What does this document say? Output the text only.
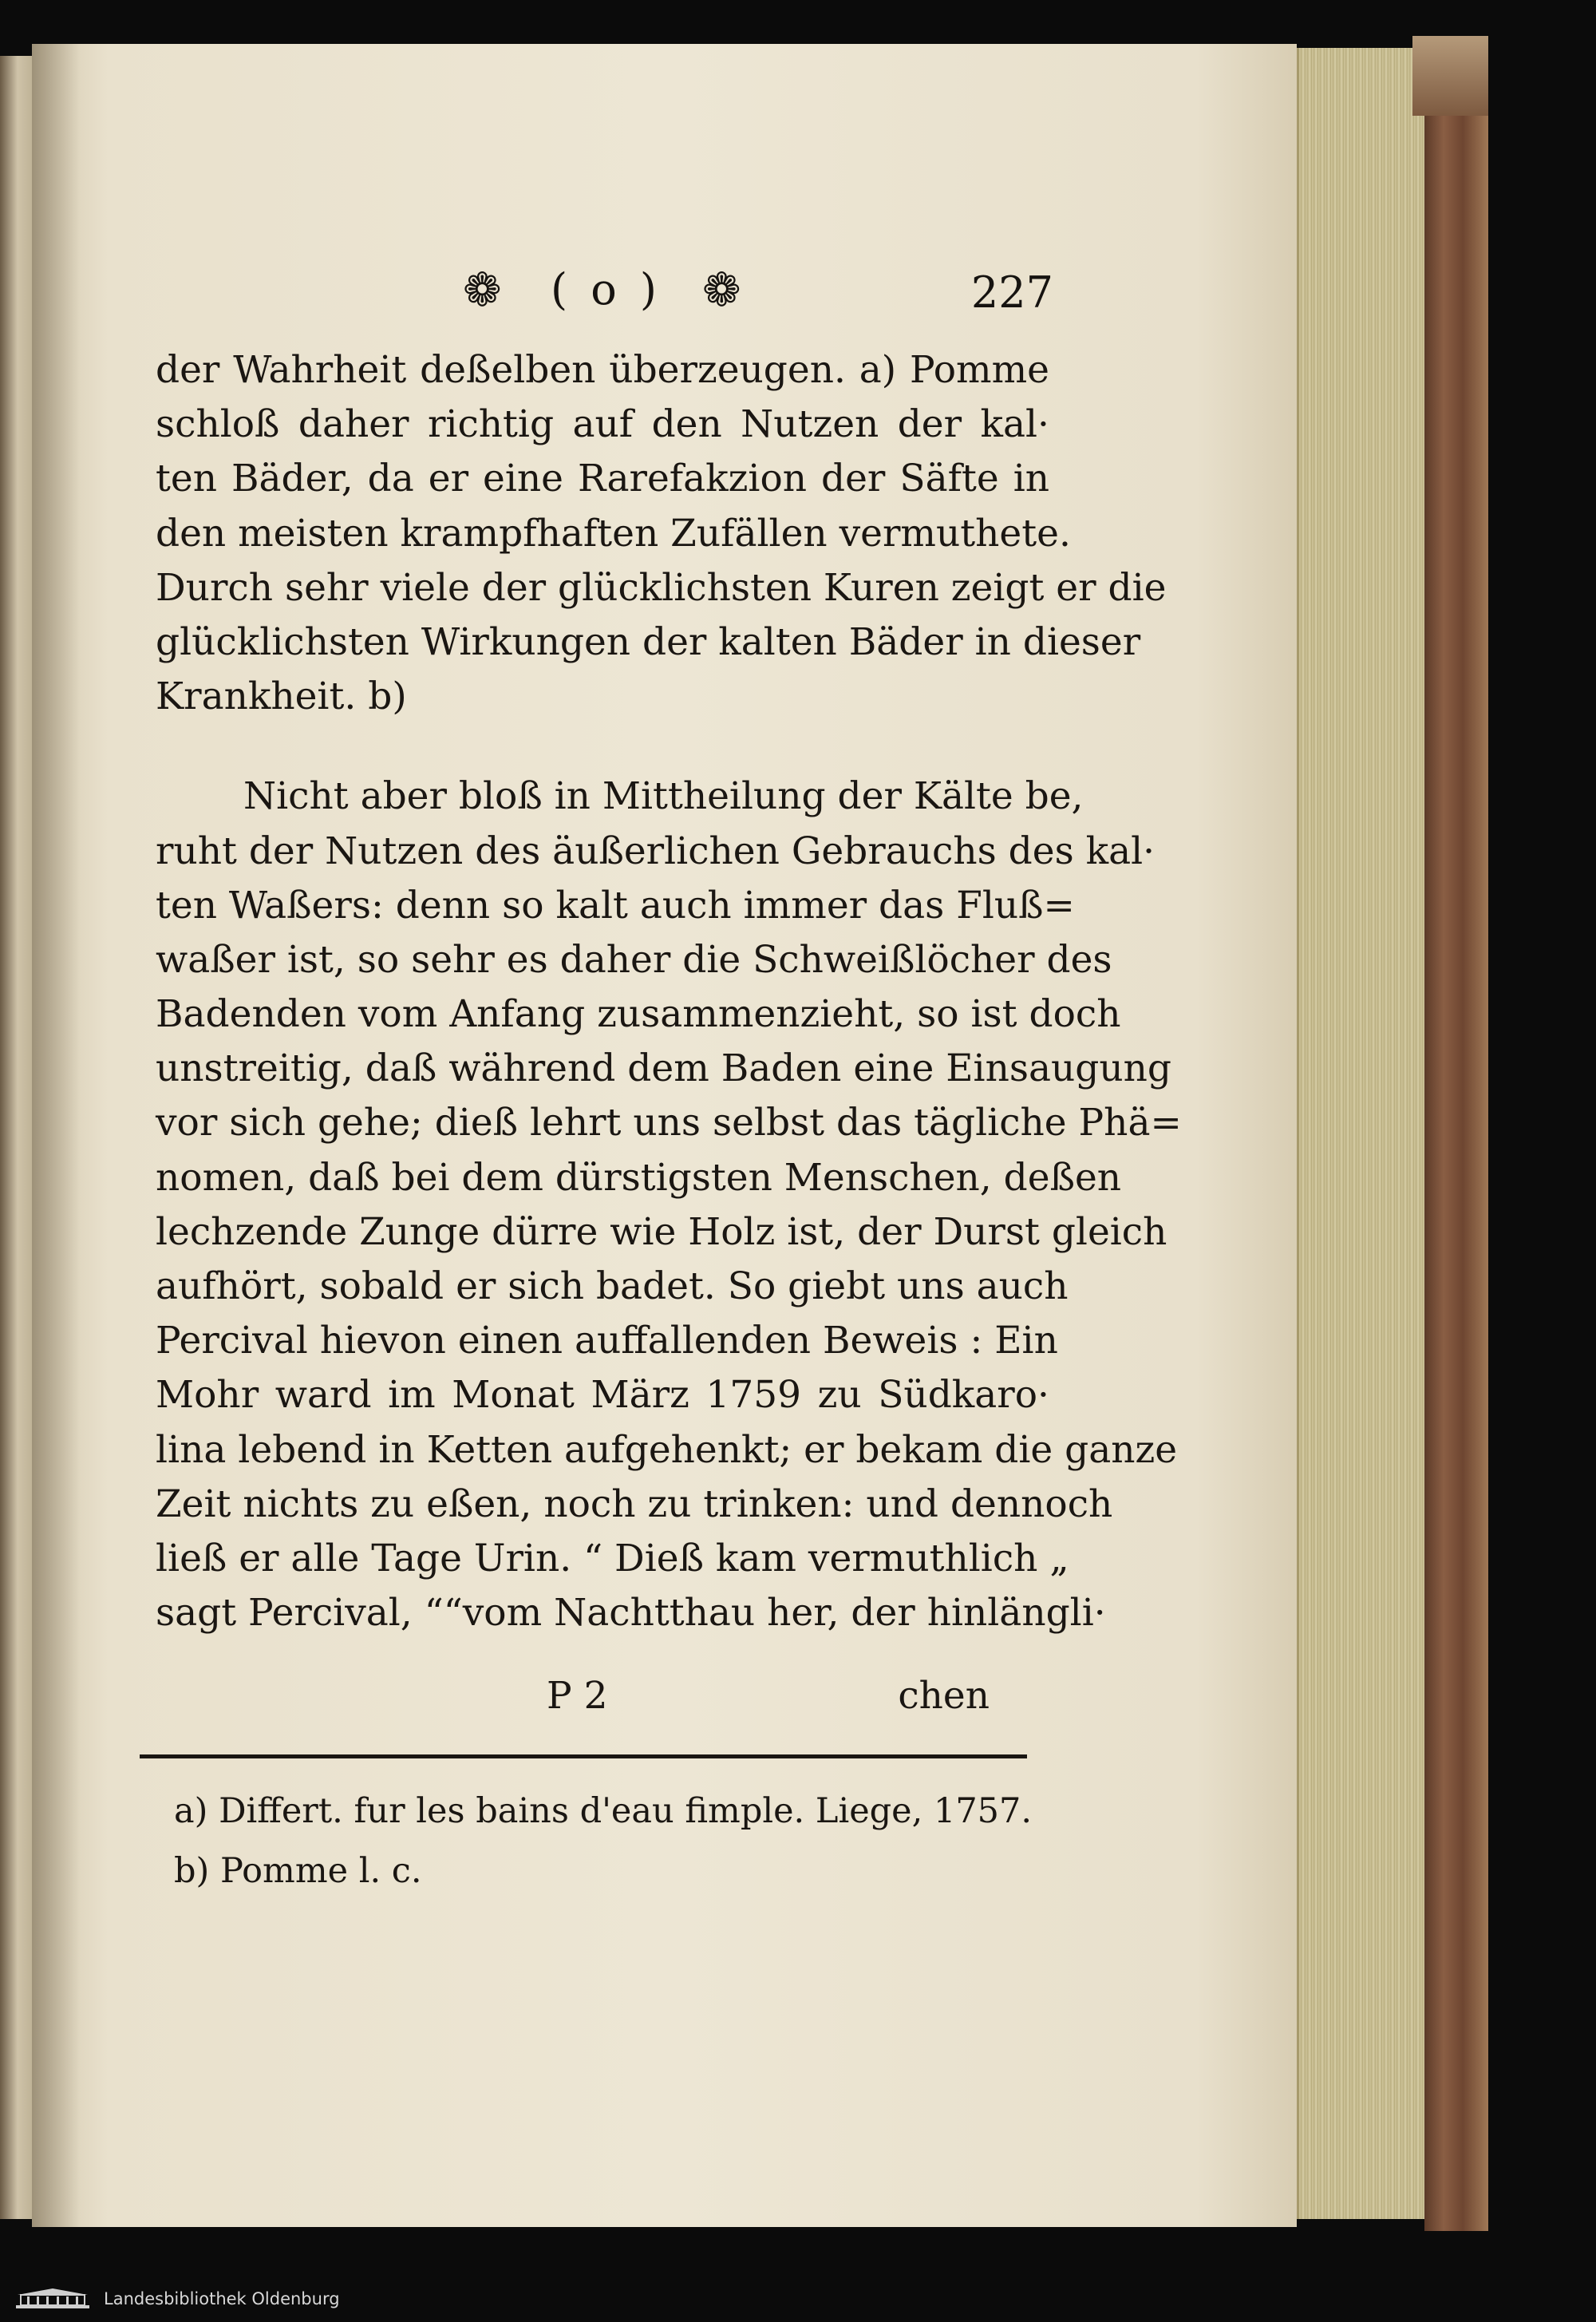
❁ ( o ) ❁	227
der Wahrheit deßelben überzeugen. a) Pomme
schloß daher richtig auf den Nutzen der kal·
ten Bäder, da er eine Rarefakzion der Säfte in
den meisten krampfhaften Zufällen vermuthete.
Durch sehr viele der glücklichsten Kuren zeigt er die
glücklichsten Wirkungen der kalten Bäder in dieser
Krankheit. b)
Nicht aber bloß in Mittheilung der Kälte be,
ruht der Nutzen des äußerlichen Gebrauchs des kal·
ten Waßers: denn so kalt auch immer das Fluß=
waßer ist, so sehr es daher die Schweißlöcher des
Badenden vom Anfang zusammenzieht, so ist doch
unstreitig, daß während dem Baden eine Einsaugung
vor sich gehe; dieß lehrt uns selbst das tägliche Phä=
nomen, daß bei dem dürstigsten Menschen, deßen
lechzende Zunge dürre wie Holz ist, der Durst gleich
aufhört, sobald er sich badet. So giebt uns auch
Percival hievon einen auffallenden Beweis : Ein
Mohr ward im Monat März 1759 zu Südkaro·
lina lebend in Ketten aufgehenkt; er bekam die ganze
Zeit nichts zu eßen, noch zu trinken: und dennoch
ließ er alle Tage Urin. “ Dieß kam vermuthlich „
sagt Percival, ““vom Nachtthau her, der hinlängli·
P 2	chen
a) Differt. fur les bains d'eau fimple. Liege, 1757.
b) Pomme l. c.
Landesbibliothek Oldenburg
